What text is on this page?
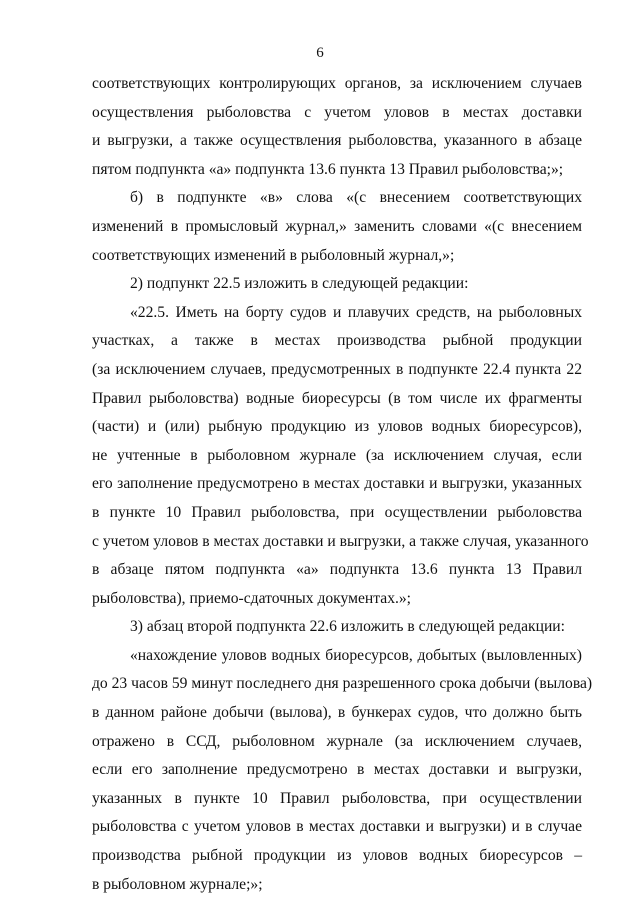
6
соответствующих контролирующих органов, за исключением случаев
осуществления рыболовства с учетом уловов в местах доставки
и выгрузки, а также осуществления рыболовства, указанного в абзаце
пятом подпункта «а» подпункта 13.6 пункта 13 Правил рыболовства;»;
б) в подпункте «в» слова «(с внесением соответствующих
изменений в промысловый журнал,» заменить словами «(с внесением
соответствующих изменений в рыболовный журнал,»;
2) подпункт 22.5 изложить в следующей редакции:
«22.5. Иметь на борту судов и плавучих средств, на рыболовных
участках, а также в местах производства рыбной продукции
(за исключением случаев, предусмотренных в подпункте 22.4 пункта 22
Правил рыболовства) водные биоресурсы (в том числе их фрагменты
(части) и (или) рыбную продукцию из уловов водных биоресурсов),
не учтенные в рыболовном журнале (за исключением случая, если
его заполнение предусмотрено в местах доставки и выгрузки, указанных
в пункте 10 Правил рыболовства, при осуществлении рыболовства
с учетом уловов в местах доставки и выгрузки, а также случая, указанного
в абзаце пятом подпункта «а» подпункта 13.6 пункта 13 Правил
рыболовства), приемо-сдаточных документах.»;
3) абзац второй подпункта 22.6 изложить в следующей редакции:
«нахождение уловов водных биоресурсов, добытых (выловленных)
до 23 часов 59 минут последнего дня разрешенного срока добычи (вылова)
в данном районе добычи (вылова), в бункерах судов, что должно быть
отражено в ССД, рыболовном журнале (за исключением случаев,
если его заполнение предусмотрено в местах доставки и выгрузки,
указанных в пункте 10 Правил рыболовства, при осуществлении
рыболовства с учетом уловов в местах доставки и выгрузки) и в случае
производства рыбной продукции из уловов водных биоресурсов –
в рыболовном журнале;»;
